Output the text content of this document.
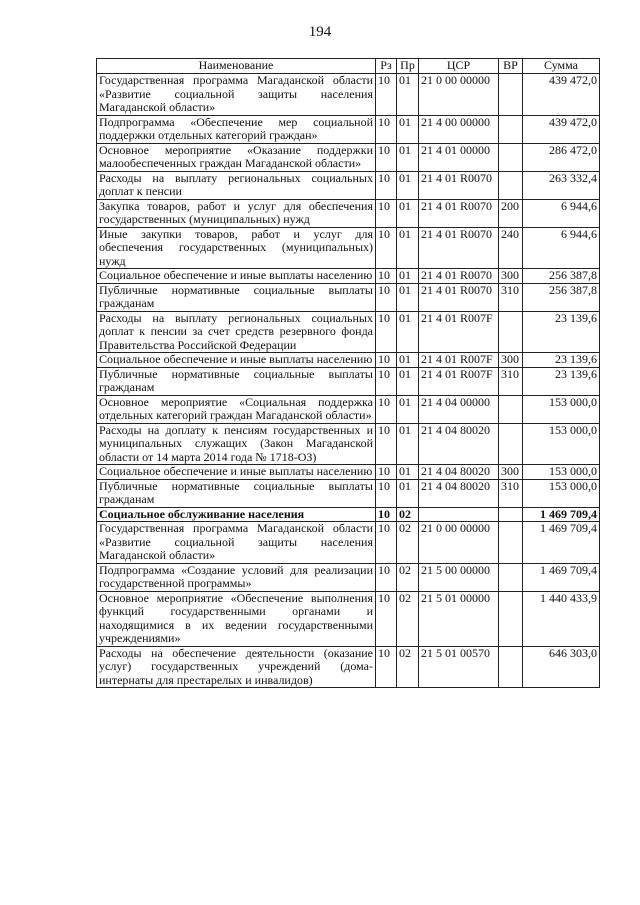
194
Наименование	Рз	Пр	ЦСР	ВР	Сумма
Государственная программа Магаданской области «Развитие социальной защиты населения Магаданской области»	10	01	21 0 00 00000		439 472,0
Подпрограмма «Обеспечение мер социальной поддержки отдельных категорий граждан»	10	01	21 4 00 00000		439 472,0
Основное мероприятие «Оказание поддержки малообеспеченных граждан Магаданской области»	10	01	21 4 01 00000		286 472,0
Расходы на выплату региональных социальных доплат к пенсии	10	01	21 4 01 R0070		263 332,4
Закупка товаров, работ и услуг для обеспечения государственных (муниципальных) нужд	10	01	21 4 01 R0070	200	6 944,6
Иные закупки товаров, работ и услуг для обеспечения государственных (муниципальных) нужд	10	01	21 4 01 R0070	240	6 944,6
Социальное обеспечение и иные выплаты населению	10	01	21 4 01 R0070	300	256 387,8
Публичные нормативные социальные выплаты гражданам	10	01	21 4 01 R0070	310	256 387,8
Расходы на выплату региональных социальных доплат к пенсии за счет средств резервного фонда Правительства Российской Федерации	10	01	21 4 01 R007F		23 139,6
Социальное обеспечение и иные выплаты населению	10	01	21 4 01 R007F	300	23 139,6
Публичные нормативные социальные выплаты гражданам	10	01	21 4 01 R007F	310	23 139,6
Основное мероприятие «Социальная поддержка отдельных категорий граждан Магаданской области»	10	01	21 4 04 00000		153 000,0
Расходы на доплату к пенсиям государственных и муниципальных служащих (Закон Магаданской области от 14 марта 2014 года № 1718-ОЗ)	10	01	21 4 04 80020		153 000,0
Социальное обеспечение и иные выплаты населению	10	01	21 4 04 80020	300	153 000,0
Публичные нормативные социальные выплаты гражданам	10	01	21 4 04 80020	310	153 000,0
Социальное обслуживание населения	10	02			1 469 709,4
Государственная программа Магаданской области «Развитие социальной защиты населения Магаданской области»	10	02	21 0 00 00000		1 469 709,4
Подпрограмма «Создание условий для реализации государственной программы»	10	02	21 5 00 00000		1 469 709,4
Основное мероприятие «Обеспечение выполнения функций государственными органами и находящимися в их ведении государственными учреждениями»	10	02	21 5 01 00000		1 440 433,9
Расходы на обеспечение деятельности (оказание услуг) государственных учреждений (дома-интернаты для престарелых и инвалидов)	10	02	21 5 01 00570		646 303,0
